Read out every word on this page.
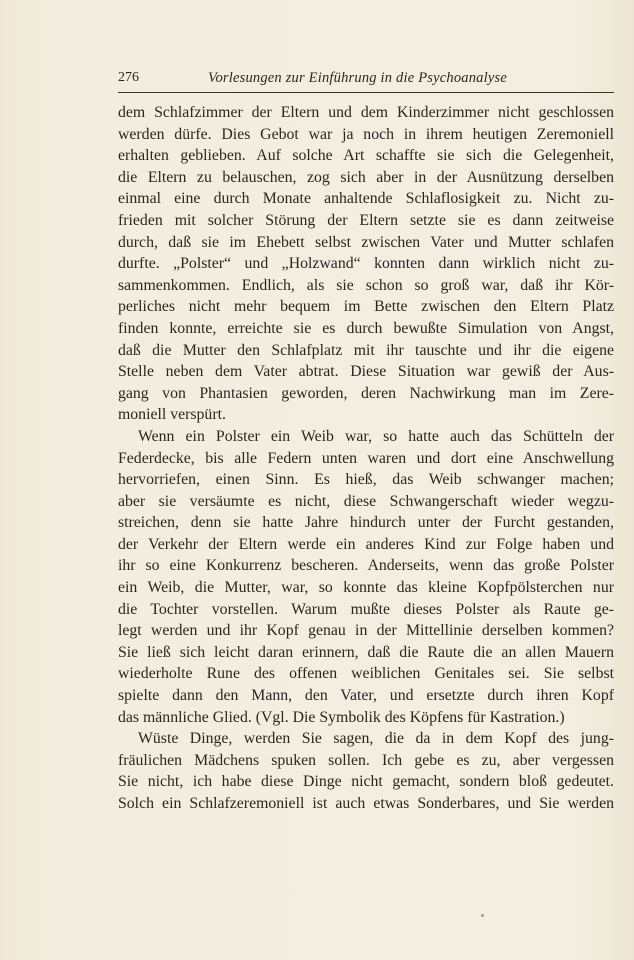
276	Vorlesungen zur Einführung in die Psychoanalyse
dem Schlafzimmer der Eltern und dem Kinderzimmer nicht geschlossen
werden dürfe. Dies Gebot war ja noch in ihrem heutigen Zeremoniell
erhalten geblieben. Auf solche Art schaffte sie sich die Gelegenheit,
die Eltern zu belauschen, zog sich aber in der Ausnützung derselben
einmal eine durch Monate anhaltende Schlaflosigkeit zu. Nicht zu-
frieden mit solcher Störung der Eltern setzte sie es dann zeitweise
durch, daß sie im Ehebett selbst zwischen Vater und Mutter schlafen
durfte. „Polster“ und „Holzwand“ konnten dann wirklich nicht zu-
sammenkommen. Endlich, als sie schon so groß war, daß ihr Kör-
perliches nicht mehr bequem im Bette zwischen den Eltern Platz
finden konnte, erreichte sie es durch bewußte Simulation von Angst,
daß die Mutter den Schlafplatz mit ihr tauschte und ihr die eigene
Stelle neben dem Vater abtrat. Diese Situation war gewiß der Aus-
gang von Phantasien geworden, deren Nachwirkung man im Zere-
moniell verspürt.
Wenn ein Polster ein Weib war, so hatte auch das Schütteln der
Federdecke, bis alle Federn unten waren und dort eine Anschwellung
hervorriefen, einen Sinn. Es hieß, das Weib schwanger machen;
aber sie versäumte es nicht, diese Schwangerschaft wieder wegzu-
streichen, denn sie hatte Jahre hindurch unter der Furcht gestanden,
der Verkehr der Eltern werde ein anderes Kind zur Folge haben und
ihr so eine Konkurrenz bescheren. Anderseits, wenn das große Polster
ein Weib, die Mutter, war, so konnte das kleine Kopfpölsterchen nur
die Tochter vorstellen. Warum mußte dieses Polster als Raute ge-
legt werden und ihr Kopf genau in der Mittellinie derselben kommen?
Sie ließ sich leicht daran erinnern, daß die Raute die an allen Mauern
wiederholte Rune des offenen weiblichen Genitales sei. Sie selbst
spielte dann den Mann, den Vater, und ersetzte durch ihren Kopf
das männliche Glied. (Vgl. Die Symbolik des Köpfens für Kastration.)
Wüste Dinge, werden Sie sagen, die da in dem Kopf des jung-
fräulichen Mädchens spuken sollen. Ich gebe es zu, aber vergessen
Sie nicht, ich habe diese Dinge nicht gemacht, sondern bloß gedeutet.
Solch ein Schlafzeremoniell ist auch etwas Sonderbares, und Sie werden
